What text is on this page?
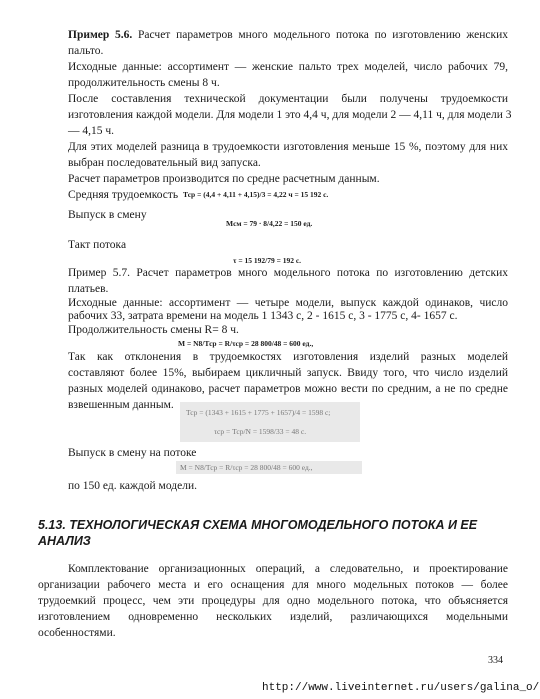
Пример 5.6. Расчет параметров много модельного потока по изготовлению женских
пальто.
Исходные данные: ассортимент — женские пальто трех моделей, число рабочих 79,
продолжительность смены 8 ч.
После составления технической документации были получены трудоемкости
изготовления каждой модели. Для модели 1 это 4,4 ч, для модели 2 — 4,11 ч, для модели 3
— 4,15 ч.
Для этих моделей разница в трудоемкости изготовления меньше 15 %, поэтому для них
выбран последовательный вид запуска.
Расчет параметров производится по средне расчетным данным.
Средняя трудоемкость Тср = (4,4 + 4,11 + 4,15)/3 = 4,22 ч = 15 192 с.
Выпуск в смену
Мсм = 79 · 8/4,22 = 150 ед.
Такт потока
τ = 15 192/79 = 192 с.
Пример 5.7. Расчет параметров много модельного потока по изготовлению детских
платьев.
Исходные данные: ассортимент — четыре модели, выпуск каждой одинаков, число
рабочих 33, затрата времени на модель 1 1343 с, 2 - 1615 с, 3 - 1775 с, 4- 1657 с.
Продолжительность смены R= 8 ч.
М = N8/Тср = R/τср = 28 800/48 = 600 ед.,
Так как отклонения в трудоемкостях изготовления изделий разных моделей
составляют более 15%, выбираем цикличный запуск. Ввиду того, что число изделий
разных моделей одинаково, расчет параметров можно вести по средним, а не по средне
взвешенным данным.
Тср = (1343 + 1615 + 1775 + 1657)/4 = 1598 с;
τср = Тср/N = 1598/33 = 48 с.
Выпуск в смену на потоке
М = N8/Тср = R/τср = 28 800/48 = 600 ед.,
по 150 ед. каждой модели.
5.13. ТЕХНОЛОГИЧЕСКАЯ СХЕМА МНОГОМОДЕЛЬНОГО ПОТОКА И ЕЕ
АНАЛИЗ
Комплектование организационных операций, а следовательно, и проектирование
организации рабочего места и его оснащения для много модельных потоков — более
трудоемкий процесс, чем эти процедуры для одно модельного потока, что объясняется
изготовлением одновременно нескольких изделий, различающихся модельными
особенностями.
334
http://www.liveinternet.ru/users/galina_o/
